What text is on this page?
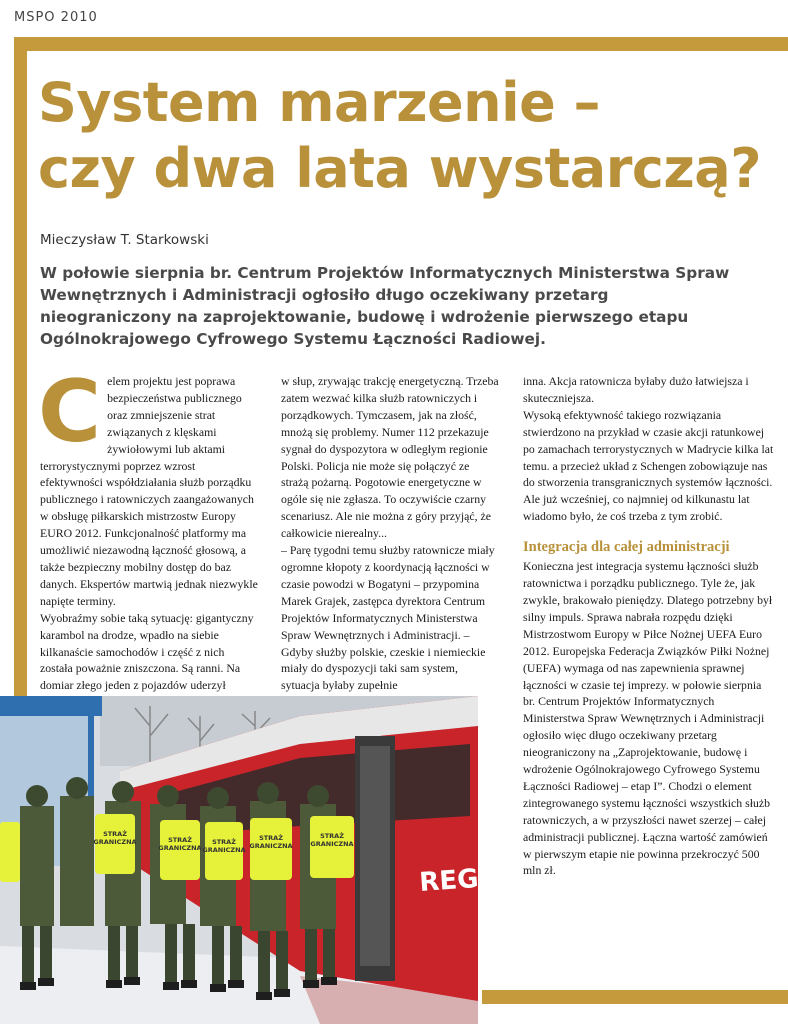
MSPO 2010
System marzenie –
czy dwa lata wystarczą?
Mieczysław T. Starkowski

W połowie sierpnia br. Centrum Projektów Informatycznych Ministerstwa Spraw Wewnętrznych i Administracji ogłosiło długo oczekiwany przetarg nieograniczony na zaprojektowanie, budowę i wdrożenie pierwszego etapu Ogólnokrajowego Cyfrowego Systemu Łączności Radiowej.

C elem projektu jest poprawa bezpieczeństwa publicznego oraz zmniejszenie strat związanych z klęskami żywiołowymi lub aktami terrorystycznymi poprzez wzrost efektywności współdziałania służb porządku publicznego i ratowniczych zaangażowanych w obsługę piłkarskich mistrzostw Europy EURO 2012. Funkcjonalność platformy ma umożliwić niezawodną łączność głosową, a także bezpieczny mobilny dostęp do baz danych. Ekspertów martwią jednak niezwykle napięte terminy.

Wyobraźmy sobie taką sytuację: gigantyczny karambol na drodze, wpadło na siebie kilkanaście samochodów i część z nich została poważnie zniszczona. Są ranni. Na domiar złego jeden z pojazdów uderzył

w słup, zrywając trakcję energetyczną. Trzeba zatem wezwać kilka służb ratowniczych i porządkowych. Tymczasem, jak na złość, mnożą się problemy. Numer 112 przekazuje sygnał do dyspozytora w odległym regionie Polski. Policja nie może się połączyć ze strażą pożarną. Pogotowie energetyczne w ogóle się nie zgłasza. To oczywiście czarny scenariusz. Ale nie można z góry przyjąć, że całkowicie nierealny...

– Parę tygodni temu służby ratownicze miały ogromne kłopoty z koordynacją łączności w czasie powodzi w Bogatyni – przypomina Marek Grajek, zastępca dyrektora Centrum Projektów Informatycznych Ministerstwa Spraw Wewnętrznych i Administracji. – Gdyby służby polskie, czeskie i niemieckie miały do dyspozycji taki sam system, sytuacja byłaby zupełnie

inna. Akcja ratownicza byłaby dużo łatwiejsza i skuteczniejsza.

Wysoką efektywność takiego rozwiązania stwierdzono na przykład w czasie akcji ratunkowej po zamachach terrorystycznych w Madrycie kilka lat temu. a przecież układ z Schengen zobowiązuje nas do stworzenia transgranicznych systemów łączności. Ale już wcześniej, co najmniej od kilkunastu lat wiadomo było, że coś trzeba z tym zrobić.

Integracja dla całej administracji

Konieczna jest integracja systemu łączności służb ratownictwa i porządku publicznego. Tyle że, jak zwykle, brakowało pieniędzy. Dlatego potrzebny był silny impuls. Sprawa nabrała rozpędu dzięki Mistrzostwom Europy w Piłce Nożnej UEFA Euro 2012. Europejska Federacja Związków Piłki Nożnej (UEFA) wymaga od nas zapewnienia sprawnej łączności w czasie tej imprezy. w połowie sierpnia br. Centrum Projektów Informatycznych Ministerstwa Spraw Wewnętrznych i Administracji ogłosiło więc długo oczekiwany przetarg nieograniczony na „Zaprojektowanie, budowę i wdrożenie Ogólnokrajowego Cyfrowego Systemu Łączności Radiowej – etap I”. Chodzi o element zintegrowanego systemu łączności wszystkich służb ratowniczych, a w przyszłości nawet szerzej – całej administracji publicznej. Łączna wartość zamówień w pierwszym etapie nie powinna przekroczyć 500 mln zł.

REGIO
STRAŻ
GRANICZNA	STRAŻ
GRANICZNA
STRAŻ
GRANICZNA
STRAŻ
GRANICZNA
STRAŻ
GRANICZNA
